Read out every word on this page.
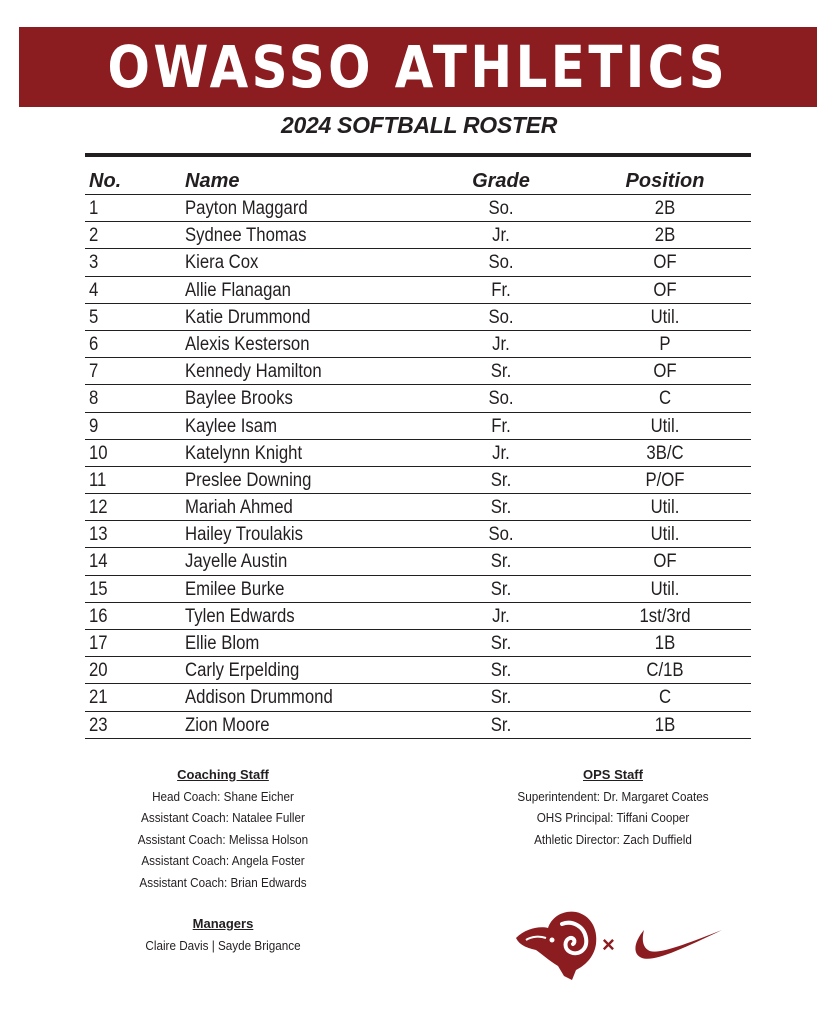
OWASSO ATHLETICS
2024 SOFTBALL ROSTER
No.	Name	Grade	Position
1	Payton Maggard	So.	2B
2	Sydnee Thomas	Jr.	2B
3	Kiera Cox	So.	OF
4	Allie Flanagan	Fr.	OF
5	Katie Drummond	So.	Util.
6	Alexis Kesterson	Jr.	P
7	Kennedy Hamilton	Sr.	OF
8	Baylee Brooks	So.	C
9	Kaylee Isam	Fr.	Util.
10	Katelynn Knight	Jr.	3B/C
11	Preslee Downing	Sr.	P/OF
12	Mariah Ahmed	Sr.	Util.
13	Hailey Troulakis	So.	Util.
14	Jayelle Austin	Sr.	OF
15	Emilee Burke	Sr.	Util.
16	Tylen Edwards	Jr.	1st/3rd
17	Ellie Blom	Sr.	1B
20	Carly Erpelding	Sr.	C/1B
21	Addison Drummond	Sr.	C
23	Zion Moore	Sr.	1B
Coaching Staff
Head Coach: Shane Eicher
Assistant Coach: Natalee Fuller
Assistant Coach: Melissa Holson
Assistant Coach: Angela Foster
Assistant Coach: Brian Edwards
OPS Staff
Superintendent: Dr. Margaret Coates
OHS Principal: Tiffani Cooper
Athletic Director: Zach Duffield
Managers
Claire Davis | Sayde Brigance	×
